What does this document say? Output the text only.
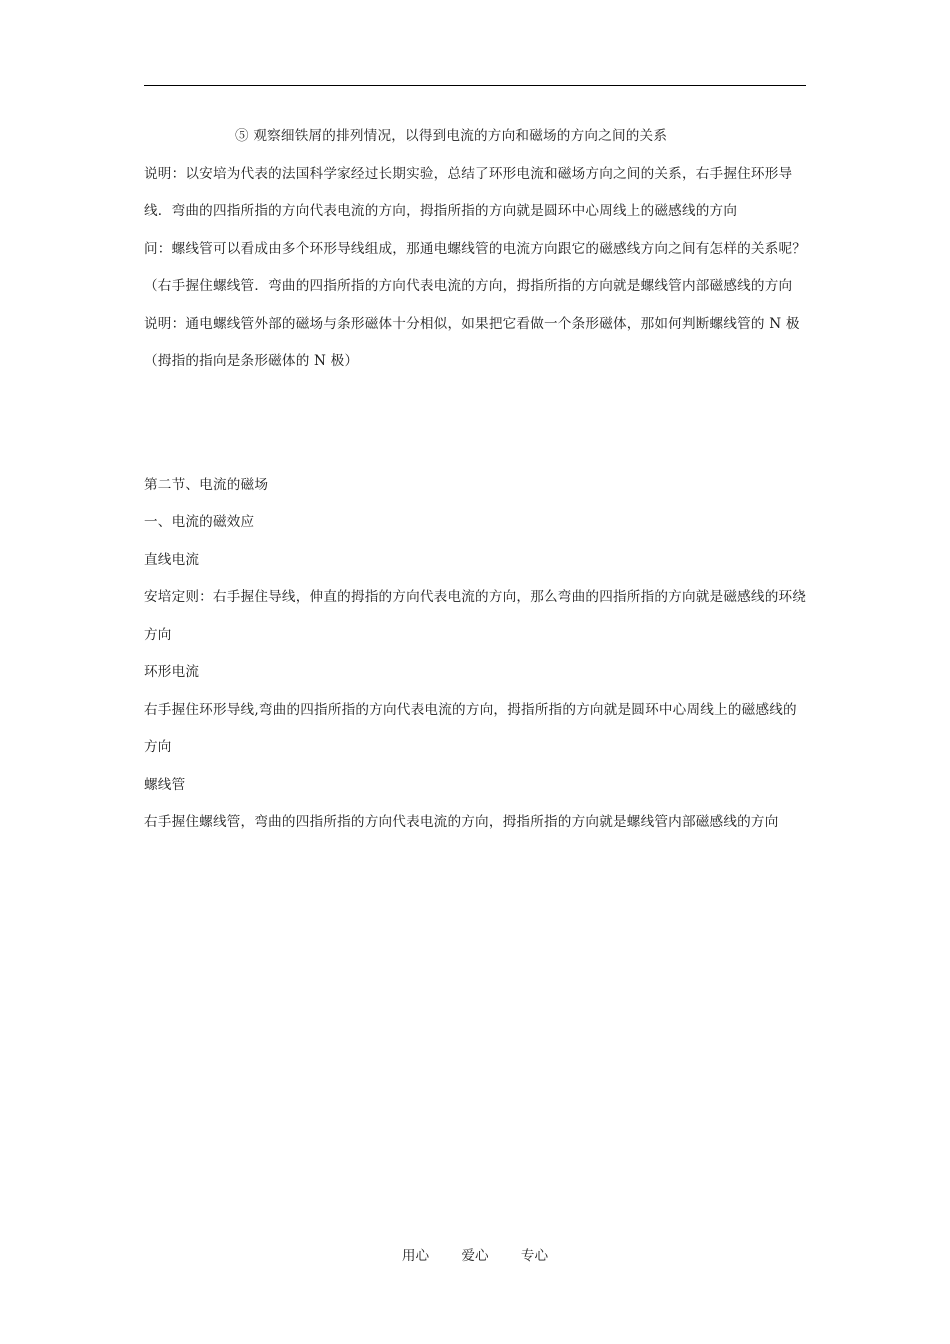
⑤ 观察细铁屑的排列情况，以得到电流的方向和磁场的方向之间的关系

说明：以安培为代表的法国科学家经过长期实验，总结了环形电流和磁场方向之间的关系，右手握住环形导线．弯曲的四指所指的方向代表电流的方向，拇指所指的方向就是圆环中心周线上的磁感线的方向

问：螺线管可以看成由多个环形导线组成，那通电螺线管的电流方向跟它的磁感线方向之间有怎样的关系呢？（右手握住螺线管．弯曲的四指所指的方向代表电流的方向，拇指所指的方向就是螺线管内部磁感线的方向

说明：通电螺线管外部的磁场与条形磁体十分相似，如果把它看做一个条形磁体，那如何判断螺线管的 N 极（拇指的指向是条形磁体的 N 极）

第二节、电流的磁场

一、电流的磁效应

直线电流

安培定则：右手握住导线，伸直的拇指的方向代表电流的方向，那么弯曲的四指所指的方向就是磁感线的环绕方向

环形电流

右手握住环形导线,弯曲的四指所指的方向代表电流的方向，拇指所指的方向就是圆环中心周线上的磁感线的方向

螺线管

右手握住螺线管，弯曲的四指所指的方向代表电流的方向，拇指所指的方向就是螺线管内部磁感线的方向

用心 爱心 专心
